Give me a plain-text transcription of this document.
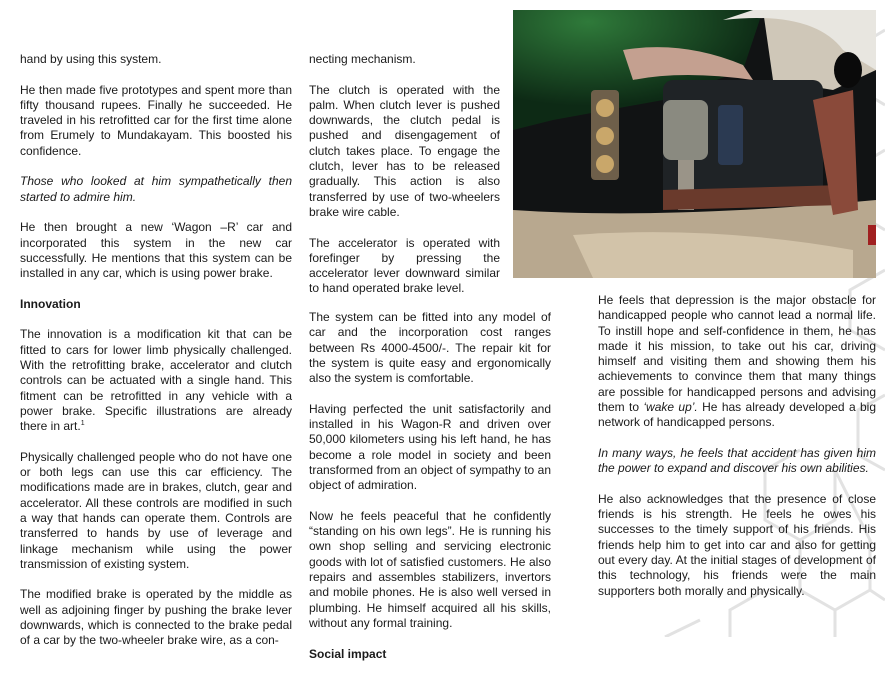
hand by using this system.

He then made five prototypes and spent more than fifty thousand rupees. Finally he succeeded. He traveled in his retrofitted car for the first time alone from Erumely to Mundakayam. This boosted his confidence.

Those who looked at him sympathetically then started to admire him.

He then brought a new ‘Wagon –R’ car and incorporated this system in the new car successfully. He mentions that this system can be installed in any car, which is using power brake.

Innovation

The innovation is a modification kit that can be fitted to cars for lower limb physically challenged. With the retrofitting brake, accelerator and clutch controls can be actuated with a single hand. This fitment can be retrofitted in any vehicle with a power brake. Specific illustrations are already there in art.$^1$

Physically challenged people who do not have one or both legs can use this car efficiency. The modifications made are in brakes, clutch, gear and accelerator. All these controls are modified in such a way that hands can operate them. Controls are transferred to hands by use of leverage and linkage mechanism while using the power transmission of existing system.

The modified brake is operated by the middle as well as adjoining finger by pushing the brake lever downwards, which is connected to the brake pedal of a car by the two-wheeler brake wire, as a con-

necting mechanism.

The clutch is operated with the palm. When clutch lever is pushed downwards, the clutch pedal is pushed and disengagement of clutch takes place. To engage the clutch, lever has to be released gradually. This action is also transferred by use of two-wheelers brake wire cable.

The accelerator is operated with forefinger by pressing the accelerator lever downward similar to hand operated brake level.

The system can be fitted into any model of car and the incorporation cost ranges between Rs 4000-4500/-. The repair kit for the system is quite easy and ergonomically also the system is comfortable.

Having perfected the unit satisfactorily and installed in his Wagon-R and driven over 50,000 kilometers using his left hand, he has become a role model in society and been transformed from an object of sympathy to an object of admiration.

Now he feels peaceful that he confidently “standing on his own legs”. He is running his own shop selling and servicing electronic goods with lot of satisfied customers. He also repairs and assembles stabilizers, invertors and mobile phones. He is also well versed in plumbing. He himself acquired all his skills, without any formal training.

Social impact

He feels that depression is the major obstacle for handicapped people who cannot lead a normal life. To instill hope and self-confidence in them, he has made it his mission, to take out his car, driving himself and visiting them and showing them his achievements to convince them that many things are possible for handicapped persons and advising them to ‘wake up’. He has already developed a big network of handicapped persons.

In many ways, he feels that accident has given him the power to expand and discover his own abilities.

He also acknowledges that the presence of close friends is his strength. He feels he owes his successes to the timely support of his friends. His friends help him to get into car and also for getting out every day. At the initial stages of development of this technology, his friends were the main supporters both morally and physically.
